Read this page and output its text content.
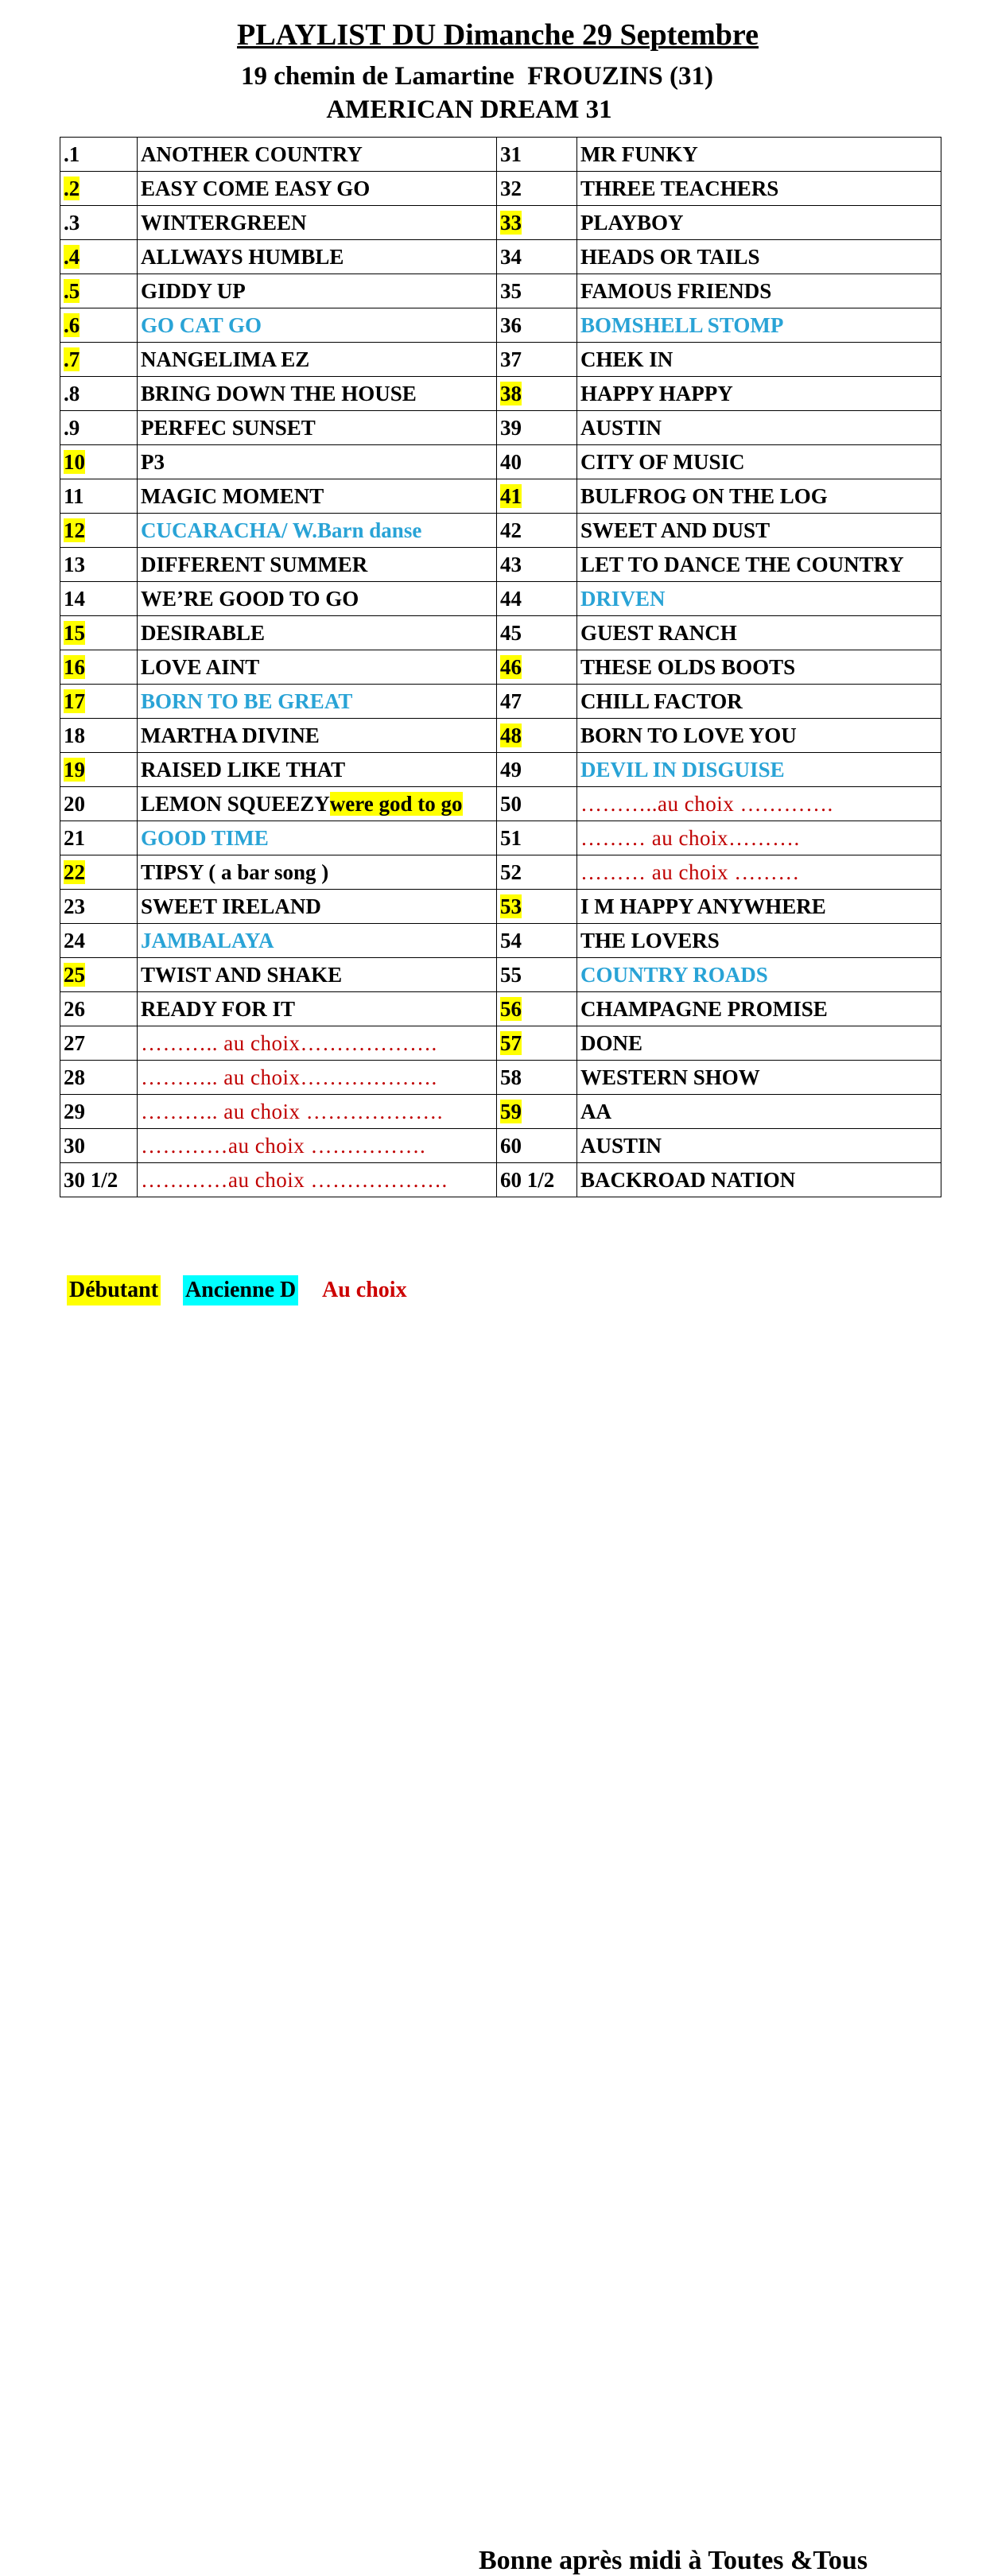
PLAYLIST DU Dimanche 29 Septembre
19 chemin de Lamartine  FROUZINS (31)
AMERICAN DREAM 31
.1	ANOTHER COUNTRY	31	MR FUNKY
.2	EASY COME EASY GO	32	THREE TEACHERS
.3	WINTERGREEN	33	PLAYBOY
.4	ALLWAYS HUMBLE	34	HEADS OR TAILS
.5	GIDDY UP	35	FAMOUS FRIENDS
.6	GO CAT GO	36	BOMSHELL STOMP
.7	NANGELIMA EZ	37	CHEK IN
.8	BRING DOWN THE HOUSE	38	HAPPY HAPPY
.9	PERFEC SUNSET	39	AUSTIN
10	P3	40	CITY OF MUSIC
11	MAGIC MOMENT	41	BULFROG ON THE LOG
12	CUCARACHA/ W.Barn danse	42	SWEET AND DUST
13	DIFFERENT SUMMER	43	LET TO DANCE THE COUNTRY
14	WE’RE GOOD TO GO	44	DRIVEN
15	DESIRABLE	45	GUEST RANCH
16	LOVE AINT	46	THESE OLDS BOOTS
17	BORN TO BE GREAT	47	CHILL FACTOR
18	MARTHA DIVINE	48	BORN TO LOVE YOU
19	RAISED LIKE THAT	49	DEVIL IN DISGUISE
20	LEMON SQUEEZYwere god to go	50	………..au choix ………….
21	GOOD TIME	51	……… au choix……….
22	TIPSY ( a bar song )	52	……… au choix ………
23	SWEET IRELAND	53	I M HAPPY ANYWHERE
24	JAMBALAYA	54	THE LOVERS
25	TWIST AND SHAKE	55	COUNTRY ROADS
26	READY FOR IT	56	CHAMPAGNE PROMISE
27	……….. au choix……………….	57	DONE
28	……….. au choix……………….	58	WESTERN SHOW
29	……….. au choix ……………….	59	AA
30	…………au choix …………….	60	AUSTIN
30 1/2	…………au choix ……………….	60 1/2	BACKROAD NATION
Débutant Ancienne D Au choix
Bonne après midi à Toutes &Tous
